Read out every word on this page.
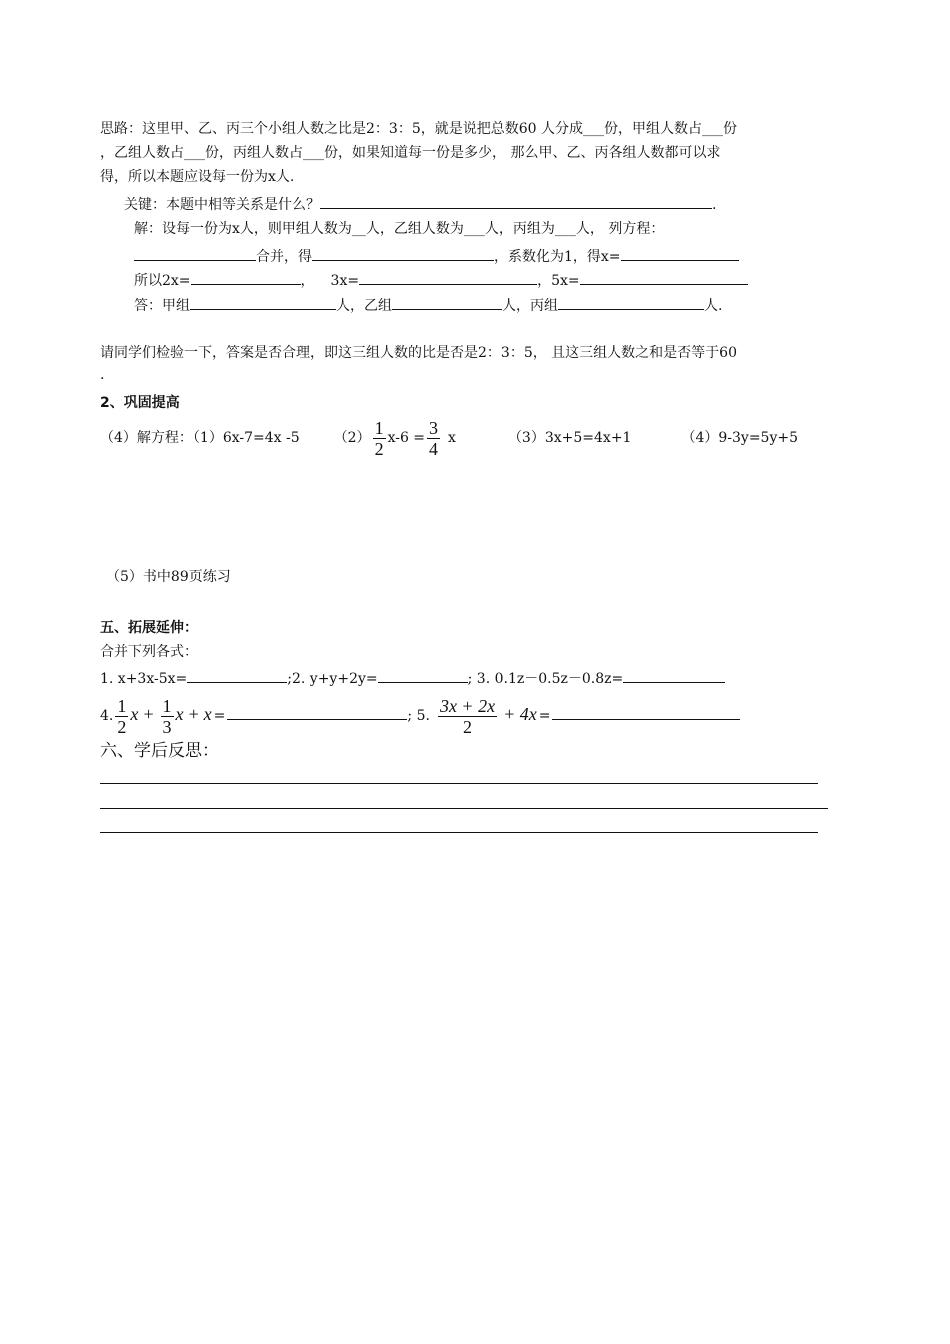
思路：这里甲、乙、丙三个小组人数之比是2：3：5，就是说把总数60 人分成___份，甲组人数占___份
，乙组人数占___份，丙组人数占___份，如果知道每一份是多少， 那么甲、乙、丙各组人数都可以求
得，所以本题应设每一份为x人.
关键：本题中相等关系是什么？	.
解：设每一份为x人，则甲组人数为__人，乙组人数为___人，丙组为___人， 列方程：
合并，得	，系数化为1，得x=
所以2x=	， 3x=	，5x=
答：甲组	人，乙组	人，丙组	人.
请同学们检验一下，答案是否合理，即这三组人数的比是否是2：3：5， 且这三组人数之和是否等于60
.
2、巩固提高
（4）解方程：（1）6x-7=4x -5 $(2) \frac{1}{2} x-6 = \frac{3}{4}$ x	（3）3x+5=4x+1	（4）9-3y=5y+5
（5）书中89页练习
五、拓展延伸：
合并下列各式：
1. x+3x-5x=	;2. y+y+2y=	; 3. 0.1z－0.5z－0.8z=
4. $\frac{1}{2}$ $x + \frac{1}{3}$ x + x =	; 5. $\frac{3x + 2x}{2} + 4x$ =
六、学后反思：
